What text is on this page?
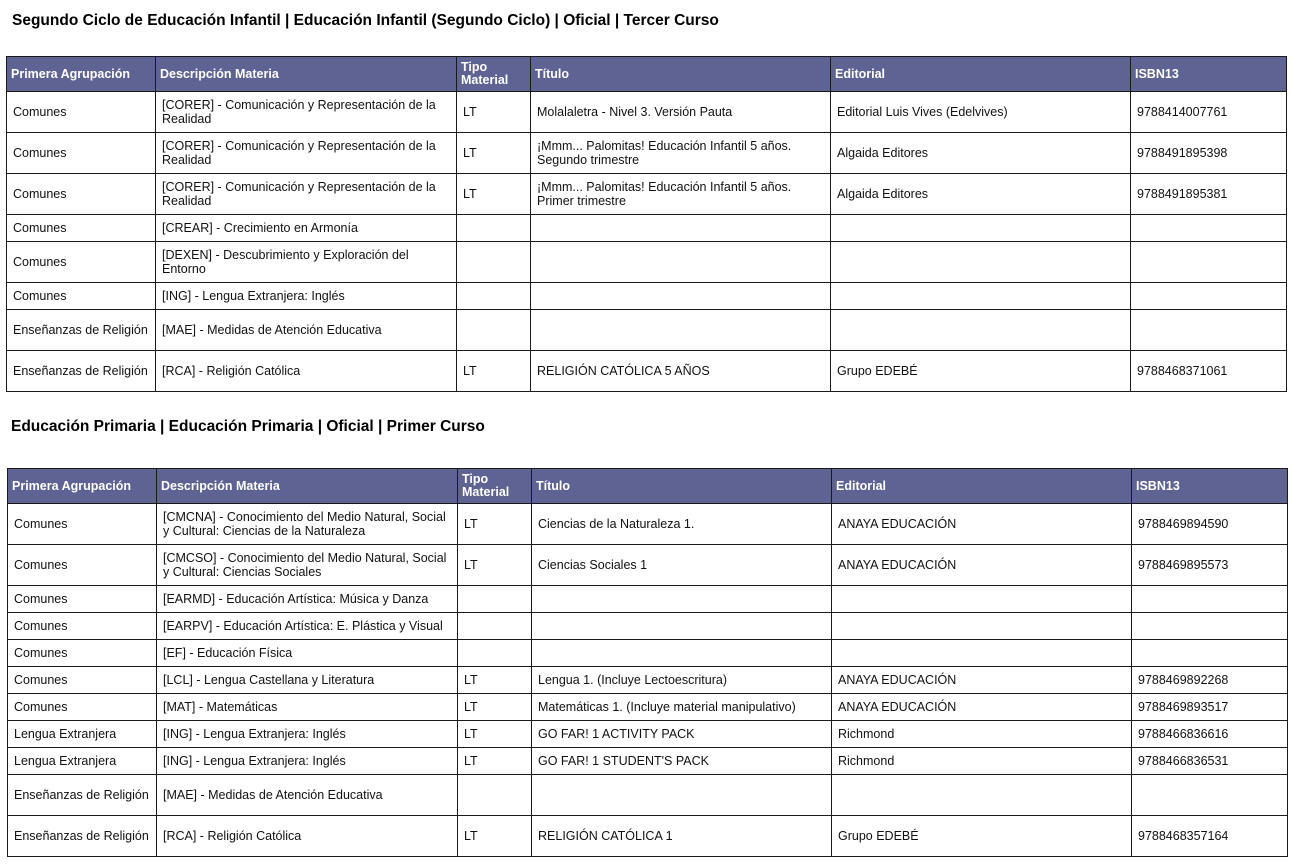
Segundo Ciclo de Educación Infantil | Educación Infantil (Segundo Ciclo) | Oficial | Tercer Curso
Primera Agrupación	Descripción Materia	Tipo Material	Título	Editorial	ISBN13
Comunes	[CORER] - Comunicación y Representación de la Realidad	LT	Molalaletra - Nivel 3. Versión Pauta	Editorial Luis Vives (Edelvives)	9788414007761
Comunes	[CORER] - Comunicación y Representación de la Realidad	LT	¡Mmm... Palomitas! Educación Infantil 5 años. Segundo trimestre	Algaida Editores	9788491895398
Comunes	[CORER] - Comunicación y Representación de la Realidad	LT	¡Mmm... Palomitas! Educación Infantil 5 años. Primer trimestre	Algaida Editores	9788491895381
Comunes	[CREAR] - Crecimiento en Armonía				
Comunes	[DEXEN] - Descubrimiento y Exploración del Entorno				
Comunes	[ING] - Lengua Extranjera: Inglés				
Enseñanzas de Religión	[MAE] - Medidas de Atención Educativa				
Enseñanzas de Religión	[RCA] - Religión Católica	LT	RELIGIÓN CATÓLICA 5 AÑOS	Grupo EDEBÉ	9788468371061
Educación Primaria | Educación Primaria | Oficial | Primer Curso
Primera Agrupación	Descripción Materia	Tipo Material	Título	Editorial	ISBN13
Comunes	[CMCNA] - Conocimiento del Medio Natural, Social y Cultural: Ciencias de la Naturaleza	LT	Ciencias de la Naturaleza 1.	ANAYA EDUCACIÓN	9788469894590
Comunes	[CMCSO] - Conocimiento del Medio Natural, Social y Cultural: Ciencias Sociales	LT	Ciencias Sociales 1	ANAYA EDUCACIÓN	9788469895573
Comunes	[EARMD] - Educación Artística: Música y Danza				
Comunes	[EARPV] - Educación Artística: E. Plástica y Visual				
Comunes	[EF] - Educación Física				
Comunes	[LCL] - Lengua Castellana y Literatura	LT	Lengua 1. (Incluye Lectoescritura)	ANAYA EDUCACIÓN	9788469892268
Comunes	[MAT] - Matemáticas	LT	Matemáticas 1. (Incluye material manipulativo)	ANAYA EDUCACIÓN	9788469893517
Lengua Extranjera	[ING] - Lengua Extranjera: Inglés	LT	GO FAR! 1 ACTIVITY PACK	Richmond	9788466836616
Lengua Extranjera	[ING] - Lengua Extranjera: Inglés	LT	GO FAR! 1 STUDENT'S PACK	Richmond	9788466836531
Enseñanzas de Religión	[MAE] - Medidas de Atención Educativa				
Enseñanzas de Religión	[RCA] - Religión Católica	LT	RELIGIÓN CATÓLICA 1	Grupo EDEBÉ	9788468357164
